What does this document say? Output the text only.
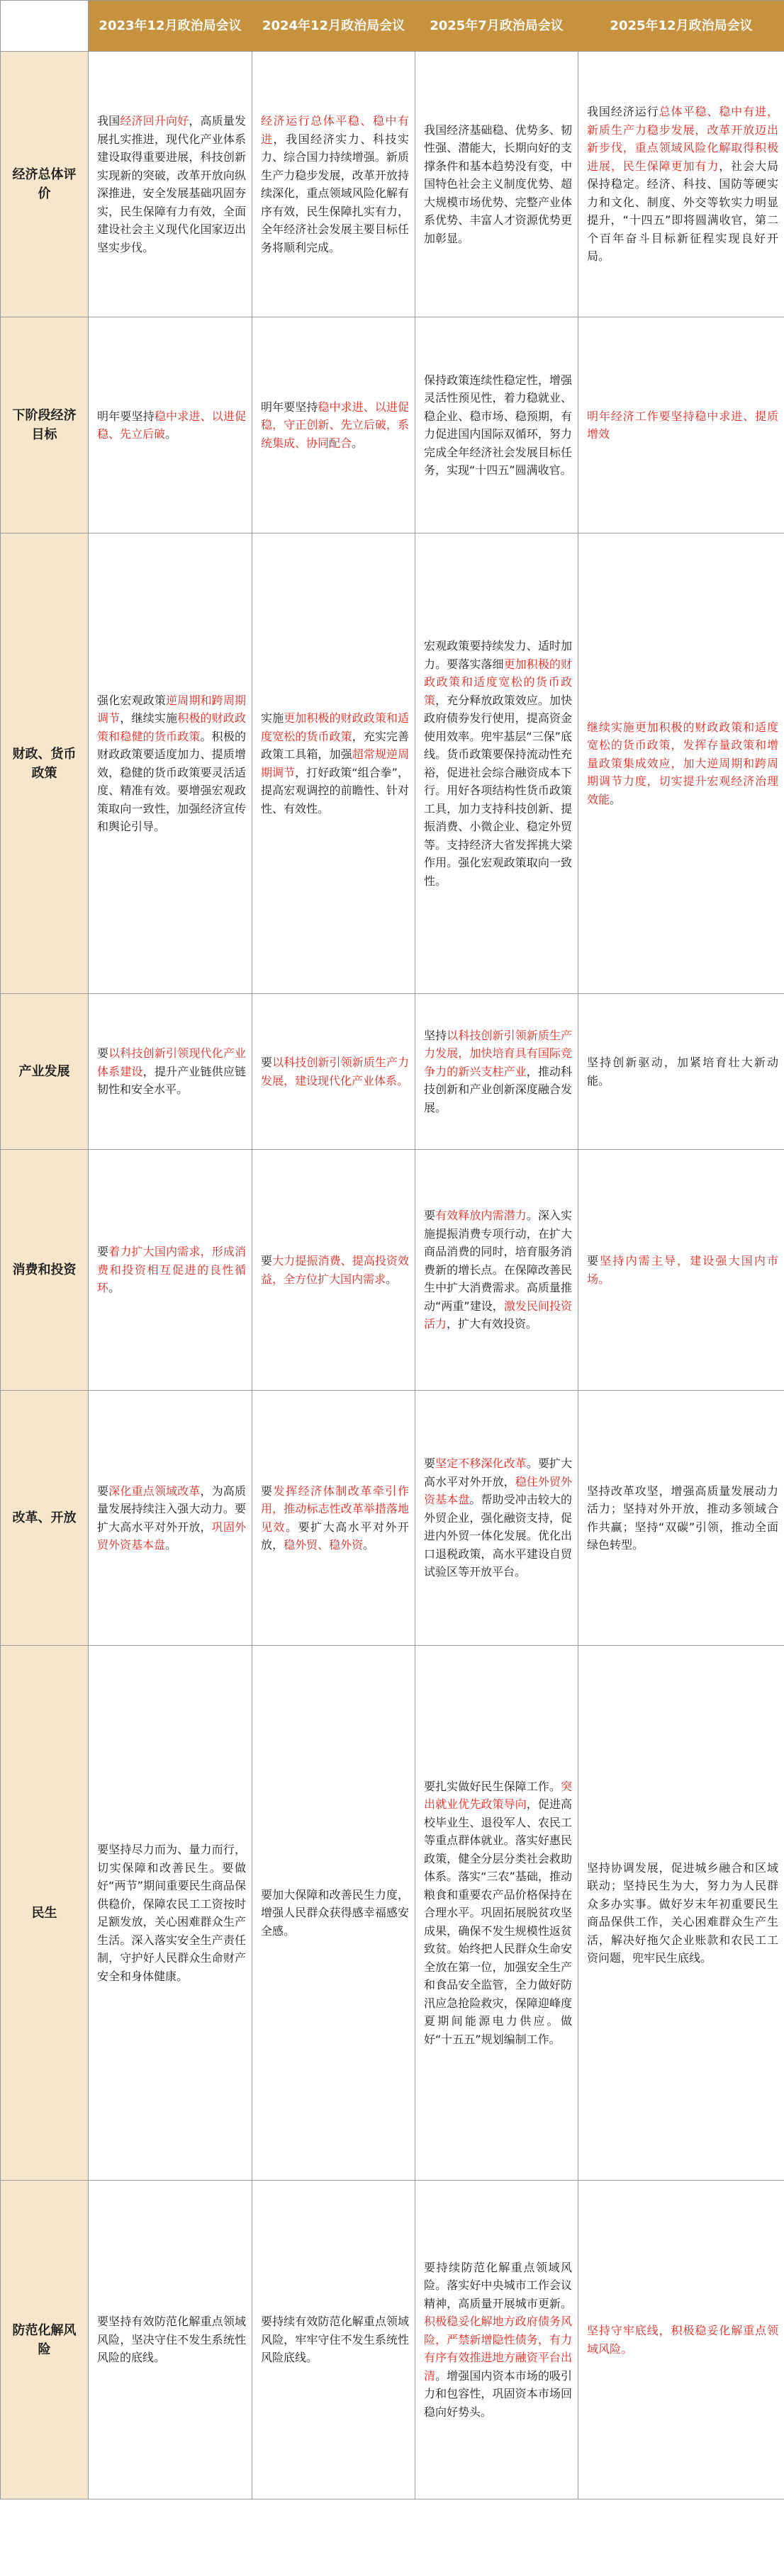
	2023年12月政治局会议	2024年12月政治局会议	2025年7月政治局会议	2025年12月政治局会议
经济总体评价	我国经济回升向好，高质量发展扎实推进，现代化产业体系建设取得重要进展，科技创新实现新的突破，改革开放向纵深推进，安全发展基础巩固夯实，民生保障有力有效，全面建设社会主义现代化国家迈出坚实步伐。	经济运行总体平稳、稳中有进，我国经济实力、科技实力、综合国力持续增强。新质生产力稳步发展，改革开放持续深化，重点领域风险化解有序有效，民生保障扎实有力，全年经济社会发展主要目标任务将顺利完成。	我国经济基础稳、优势多、韧性强、潜能大，长期向好的支撑条件和基本趋势没有变，中国特色社会主义制度优势、超大规模市场优势、完整产业体系优势、丰富人才资源优势更加彰显。	我国经济运行总体平稳、稳中有进，新质生产力稳步发展，改革开放迈出新步伐，重点领域风险化解取得积极进展，民生保障更加有力，社会大局保持稳定。经济、科技、国防等硬实力和文化、制度、外交等软实力明显提升，“十四五”即将圆满收官，第二个百年奋斗目标新征程实现良好开局。
下阶段经济目标	明年要坚持稳中求进、以进促稳、先立后破。	明年要坚持稳中求进、以进促稳，守正创新、先立后破，系统集成、协同配合。	保持政策连续性稳定性，增强灵活性预见性，着力稳就业、稳企业、稳市场、稳预期，有力促进国内国际双循环，努力完成全年经济社会发展目标任务，实现“十四五”圆满收官。	明年经济工作要坚持稳中求进、提质增效
财政、货币政策	强化宏观政策逆周期和跨周期调节，继续实施积极的财政政策和稳健的货币政策。积极的财政政策要适度加力、提质增效，稳健的货币政策要灵活适度、精准有效。要增强宏观政策取向一致性，加强经济宣传和舆论引导。	实施更加积极的财政政策和适度宽松的货币政策，充实完善政策工具箱，加强超常规逆周期调节，打好政策“组合拳”，提高宏观调控的前瞻性、针对性、有效性。	宏观政策要持续发力、适时加力。要落实落细更加积极的财政政策和适度宽松的货币政策，充分释放政策效应。加快政府债券发行使用，提高资金使用效率。兜牢基层“三保”底线。货币政策要保持流动性充裕，促进社会综合融资成本下行。用好各项结构性货币政策工具，加力支持科技创新、提振消费、小微企业、稳定外贸等。支持经济大省发挥挑大梁作用。强化宏观政策取向一致性。	继续实施更加积极的财政政策和适度宽松的货币政策，发挥存量政策和增量政策集成效应，加大逆周期和跨周期调节力度，切实提升宏观经济治理效能。
产业发展	要以科技创新引领现代化产业体系建设，提升产业链供应链韧性和安全水平。	要以科技创新引领新质生产力发展，建设现代化产业体系。	坚持以科技创新引领新质生产力发展，加快培育具有国际竞争力的新兴支柱产业，推动科技创新和产业创新深度融合发展。	坚持创新驱动，加紧培育壮大新动能。
消费和投资	要着力扩大国内需求，形成消费和投资相互促进的良性循环。	要大力提振消费、提高投资效益，全方位扩大国内需求。	要有效释放内需潜力。深入实施提振消费专项行动，在扩大商品消费的同时，培育服务消费新的增长点。在保障改善民生中扩大消费需求。高质量推动“两重”建设，激发民间投资活力，扩大有效投资。	要坚持内需主导，建设强大国内市场。
改革、开放	要深化重点领域改革，为高质量发展持续注入强大动力。要扩大高水平对外开放，巩固外贸外资基本盘。	要发挥经济体制改革牵引作用，推动标志性改革举措落地见效。要扩大高水平对外开放，稳外贸、稳外资。	要坚定不移深化改革。要扩大高水平对外开放，稳住外贸外资基本盘。帮助受冲击较大的外贸企业，强化融资支持，促进内外贸一体化发展。优化出口退税政策，高水平建设自贸试验区等开放平台。	坚持改革攻坚，增强高质量发展动力活力；坚持对外开放，推动多领域合作共赢；坚持“双碳”引领，推动全面绿色转型。
民生	要坚持尽力而为、量力而行，切实保障和改善民生。要做好“两节”期间重要民生商品保供稳价，保障农民工工资按时足额发放，关心困难群众生产生活。深入落实安全生产责任制，守护好人民群众生命财产安全和身体健康。	要加大保障和改善民生力度，增强人民群众获得感幸福感安全感。	要扎实做好民生保障工作。突出就业优先政策导向，促进高校毕业生、退役军人、农民工等重点群体就业。落实好惠民政策，健全分层分类社会救助体系。落实“三农”基础，推动粮食和重要农产品价格保持在合理水平。巩固拓展脱贫攻坚成果，确保不发生规模性返贫致贫。始终把人民群众生命安全放在第一位，加强安全生产和食品安全监管，全力做好防汛应急抢险救灾，保障迎峰度夏期间能源电力供应。做好“十五五”规划编制工作。	坚持协调发展，促进城乡融合和区域联动；坚持民生为大，努力为人民群众多办实事。做好岁末年初重要民生商品保供工作，关心困难群众生产生活，解决好拖欠企业账款和农民工工资问题，兜牢民生底线。
防范化解风险	要坚持有效防范化解重点领域风险，坚决守住不发生系统性风险的底线。	要持续有效防范化解重点领域风险，牢牢守住不发生系统性风险底线。	要持续防范化解重点领域风险。落实好中央城市工作会议精神，高质量开展城市更新。积极稳妥化解地方政府债务风险，严禁新增隐性债务，有力有序有效推进地方融资平台出清。增强国内资本市场的吸引力和包容性，巩固资本市场回稳向好势头。	坚持守牢底线，积极稳妥化解重点领域风险。
